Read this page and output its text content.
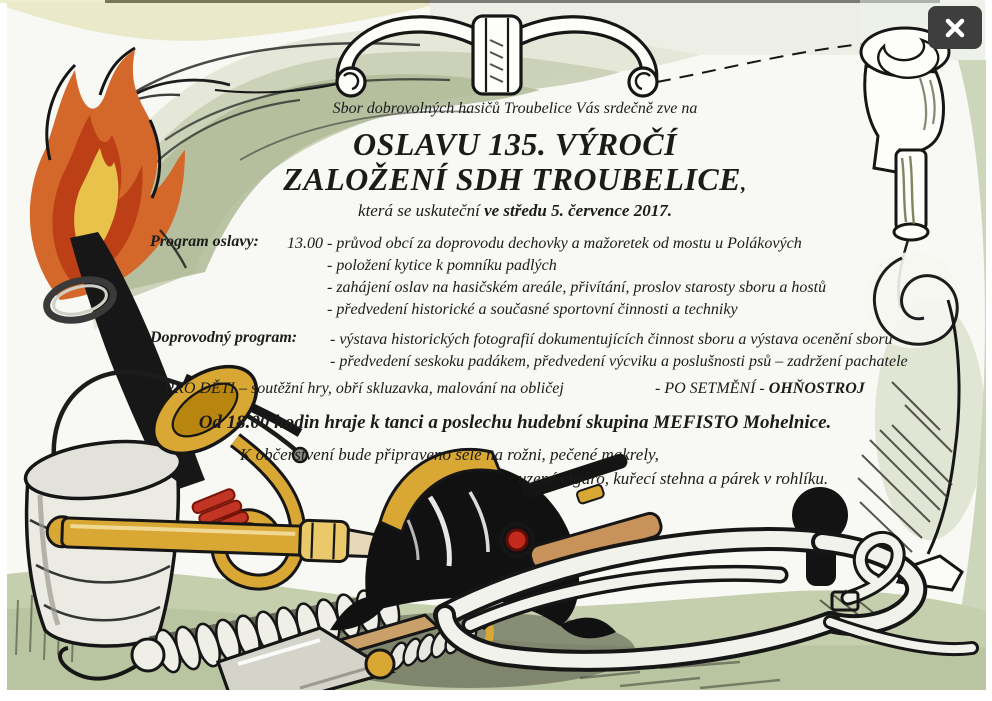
Sbor dobrovolných hasičů Troubelice Vás srdečně zve na
OSLAVU 135. VÝROČÍ
ZALOŽENÍ SDH TROUBELICE,
která se uskuteční ve středu 5. července 2017.
Program oslavy: 13.00 - průvod obcí za doprovodu dechovky a mažoretek od mostu u Polákových
- položení kytice k pomníku padlých
- zahájení oslav na hasičském areále, přivítání, proslov starosty sboru a hostů
- předvedení historické a současné sportovní činnosti a techniky
Doprovodný program: - výstava historických fotografií dokumentujících činnost sboru a výstava ocenění sboru
- předvedení seskoku padákem, předvedení výcviku a poslušnosti psů – zadržení pachatele
- PRO DĚTI – soutěžní hry, obří skluzavka, malování na obličej	- PO SETMĚNÍ - OHŇOSTROJ
Od 18.00 hodin hraje k tanci a poslechu hudební skupina MEFISTO Mohelnice.
K občerstvení bude připraveno sele na rožni, pečené makrely,
uzené cigáro, kuřecí stehna a párek v rohlíku.
